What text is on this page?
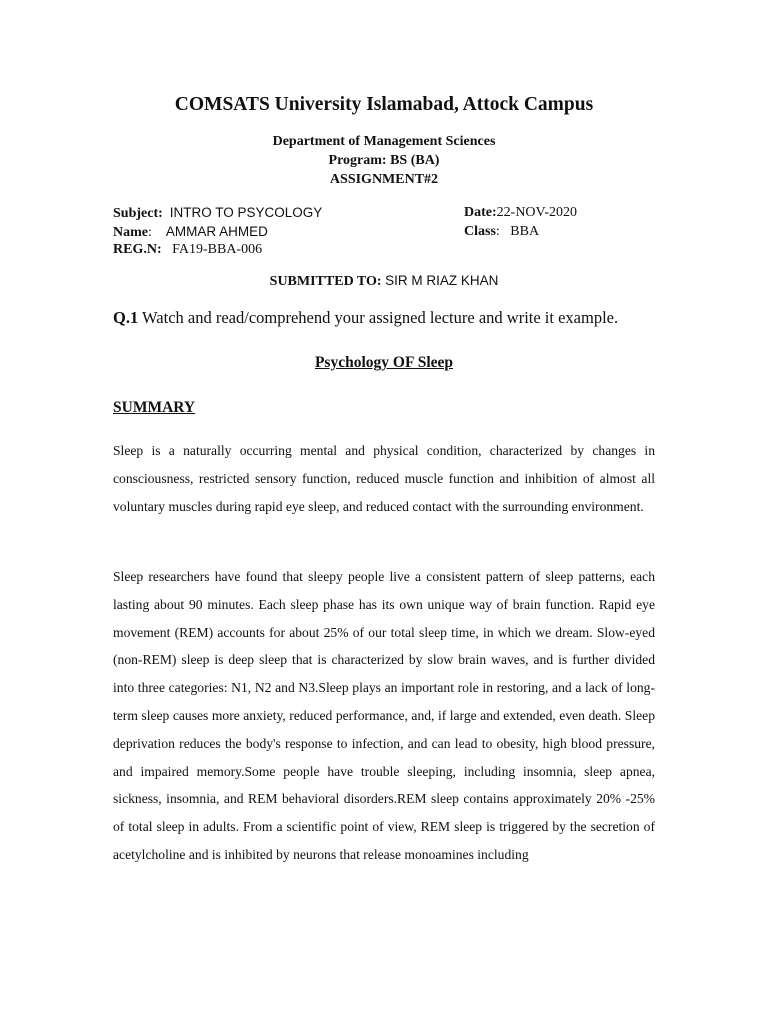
COMSATS University Islamabad, Attock Campus
Department of Management Sciences
Program: BS (BA)
ASSIGNMENT#2
Subject: INTRO TO PSYCOLOGY	Date:22-NOV-2020
Name: AMMAR AHMED	Class: BBA
REG.N: FA19-BBA-006
SUBMITTED TO: SIR M RIAZ KHAN
Q.1 Watch and read/comprehend your assigned lecture and write it example.
Psychology OF Sleep
SUMMARY

Sleep is a naturally occurring mental and physical condition, characterized by changes in consciousness, restricted sensory function, reduced muscle function and inhibition of almost all voluntary muscles during rapid eye sleep, and reduced contact with the surrounding environment.

Sleep researchers have found that sleepy people live a consistent pattern of sleep patterns, each lasting about 90 minutes. Each sleep phase has its own unique way of brain function. Rapid eye movement (REM) accounts for about 25% of our total sleep time, in which we dream. Slow-eyed (non-REM) sleep is deep sleep that is characterized by slow brain waves, and is further divided into three categories: N1, N2 and N3.Sleep plays an important role in restoring, and a lack of long-term sleep causes more anxiety, reduced performance, and, if large and extended, even death. Sleep deprivation reduces the body's response to infection, and can lead to obesity, high blood pressure, and impaired memory.Some people have trouble sleeping, including insomnia, sleep apnea, sickness, insomnia, and REM behavioral disorders.REM sleep contains approximately 20% -25% of total sleep in adults. From a scientific point of view, REM sleep is triggered by the secretion of acetylcholine and is inhibited by neurons that release monoamines including
